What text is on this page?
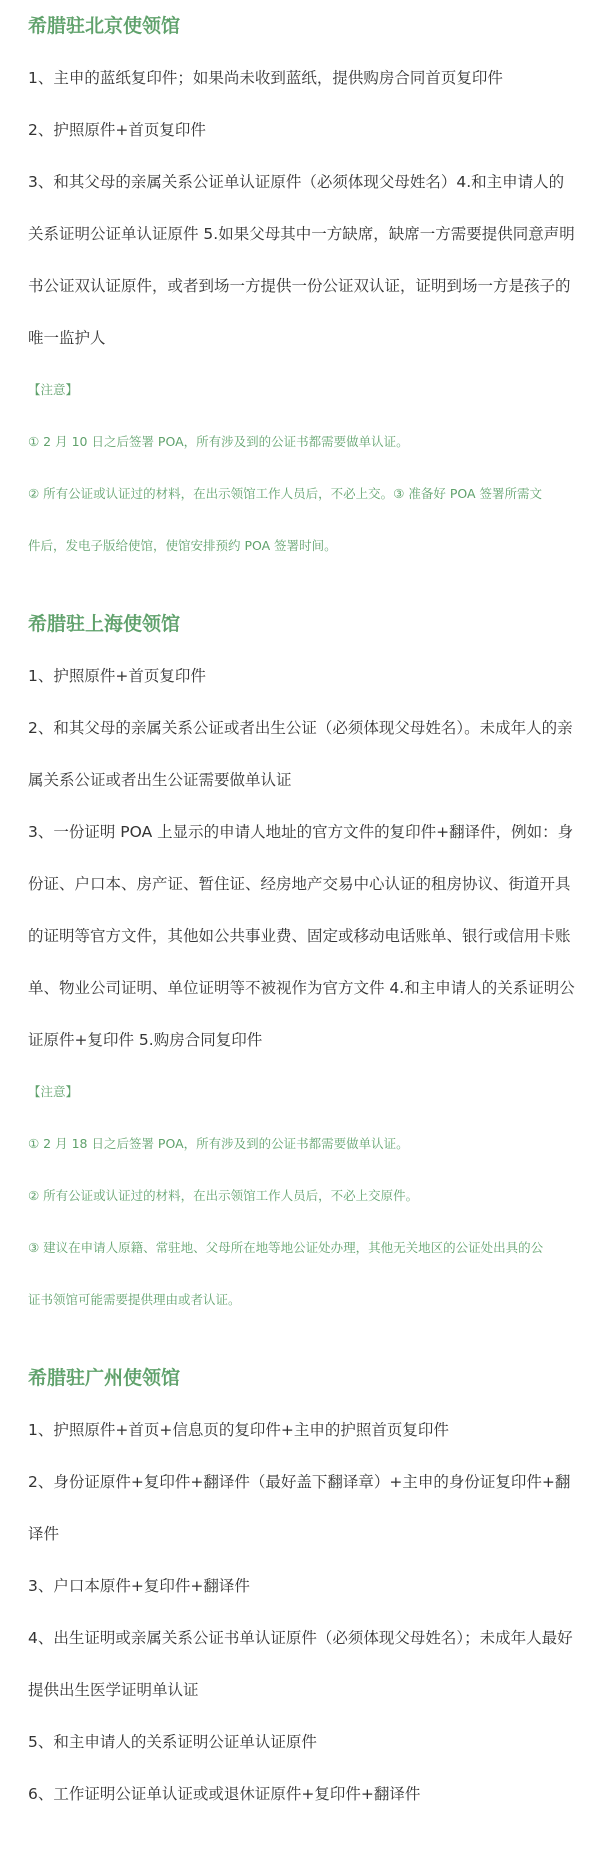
希腊驻北京使领馆

1、主申的蓝纸复印件；如果尚未收到蓝纸，提供购房合同首页复印件

2、护照原件+首页复印件

3、和其父母的亲属关系公证单认证原件（必须体现父母姓名）4.和主申请人的

关系证明公证单认证原件 5.如果父母其中一方缺席，缺席一方需要提供同意声明

书公证双认证原件，或者到场一方提供一份公证双认证，证明到场一方是孩子的

唯一监护人

【注意】

① 2 月 10 日之后签署 POA，所有涉及到的公证书都需要做单认证。

② 所有公证或认证过的材料，在出示领馆工作人员后，不必上交。③ 准备好 POA 签署所需文

件后，发电子版给使馆，使馆安排预约 POA 签署时间。

希腊驻上海使领馆

1、护照原件+首页复印件

2、和其父母的亲属关系公证或者出生公证（必须体现父母姓名）。未成年人的亲

属关系公证或者出生公证需要做单认证

3、一份证明 POA 上显示的申请人地址的官方文件的复印件+翻译件，例如：身

份证、户口本、房产证、暂住证、经房地产交易中心认证的租房协议、街道开具

的证明等官方文件，其他如公共事业费、固定或移动电话账单、银行或信用卡账

单、物业公司证明、单位证明等不被视作为官方文件 4.和主申请人的关系证明公

证原件+复印件 5.购房合同复印件

【注意】

① 2 月 18 日之后签署 POA，所有涉及到的公证书都需要做单认证。

② 所有公证或认证过的材料，在出示领馆工作人员后，不必上交原件。

③ 建议在申请人原籍、常驻地、父母所在地等地公证处办理，其他无关地区的公证处出具的公

证书领馆可能需要提供理由或者认证。

希腊驻广州使领馆

1、护照原件+首页+信息页的复印件+主申的护照首页复印件

2、身份证原件+复印件+翻译件（最好盖下翻译章）+主申的身份证复印件+翻

译件

3、户口本原件+复印件+翻译件

4、出生证明或亲属关系公证书单认证原件（必须体现父母姓名）；未成年人最好

提供出生医学证明单认证

5、和主申请人的关系证明公证单认证原件

6、工作证明公证单认证或或退休证原件+复印件+翻译件
